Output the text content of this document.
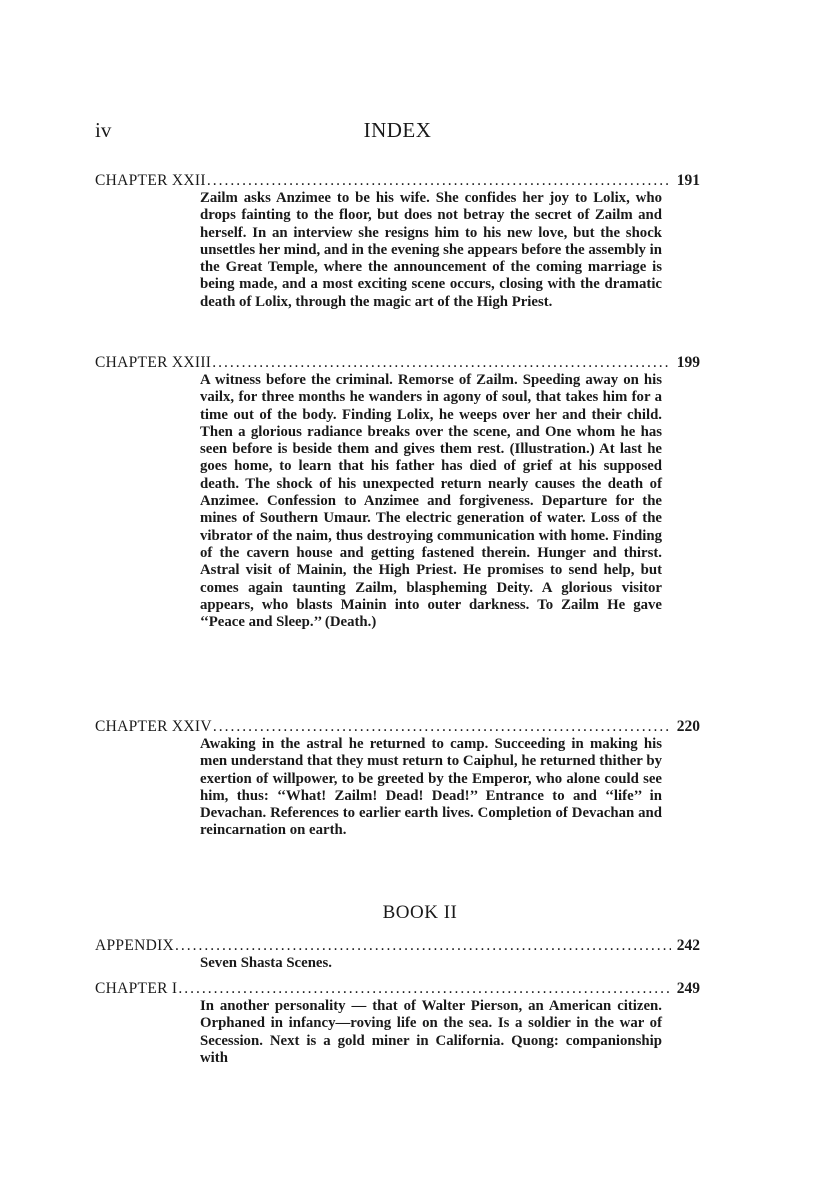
iv	INDEX
CHAPTER XXII .....	191
Zailm asks Anzimee to be his wife. She confides her joy to Lolix, who drops fainting to the floor, but does not betray the secret of Zailm and herself. In an interview she resigns him to his new love, but the shock unsettles her mind, and in the evening she appears before the assembly in the Great Temple, where the announcement of the coming marriage is being made, and a most exciting scene occurs, closing with the dramatic death of Lolix, through the magic art of the High Priest.
CHAPTER XXIII .....	199
A witness before the criminal. Remorse of Zailm. Speeding away on his vailx, for three months he wanders in agony of soul, that takes him for a time out of the body. Finding Lolix, he weeps over her and their child. Then a glorious radiance breaks over the scene, and One whom he has seen before is beside them and gives them rest. (Illustration.) At last he goes home, to learn that his father has died of grief at his supposed death. The shock of his unexpected return nearly causes the death of Anzimee. Confession to Anzimee and forgiveness. Departure for the mines of Southern Umaur. The electric generation of water. Loss of the vibrator of the naim, thus destroying communication with home. Finding of the cavern house and getting fastened therein. Hunger and thirst. Astral visit of Mainin, the High Priest. He promises to send help, but comes again taunting Zailm, blaspheming Deity. A glorious visitor appears, who blasts Mainin into outer darkness. To Zailm He gave ‘‘Peace and Sleep.’’ (Death.)
CHAPTER XXIV .....	220
Awaking in the astral he returned to camp. Succeeding in making his men understand that they must return to Caiphul, he returned thither by exertion of willpower, to be greeted by the Emperor, who alone could see him, thus: ‘‘What! Zailm! Dead! Dead!’’ Entrance to and ‘‘life’’ in Devachan. References to earlier earth lives. Completion of Devachan and reincarnation on earth.
BOOK II
APPENDIX .....	242
Seven Shasta Scenes.
CHAPTER I .....	249
In another personality — that of Walter Pierson, an American citizen. Orphaned in infancy—roving life on the sea. Is a soldier in the war of Secession. Next is a gold miner in California. Quong: companionship with
